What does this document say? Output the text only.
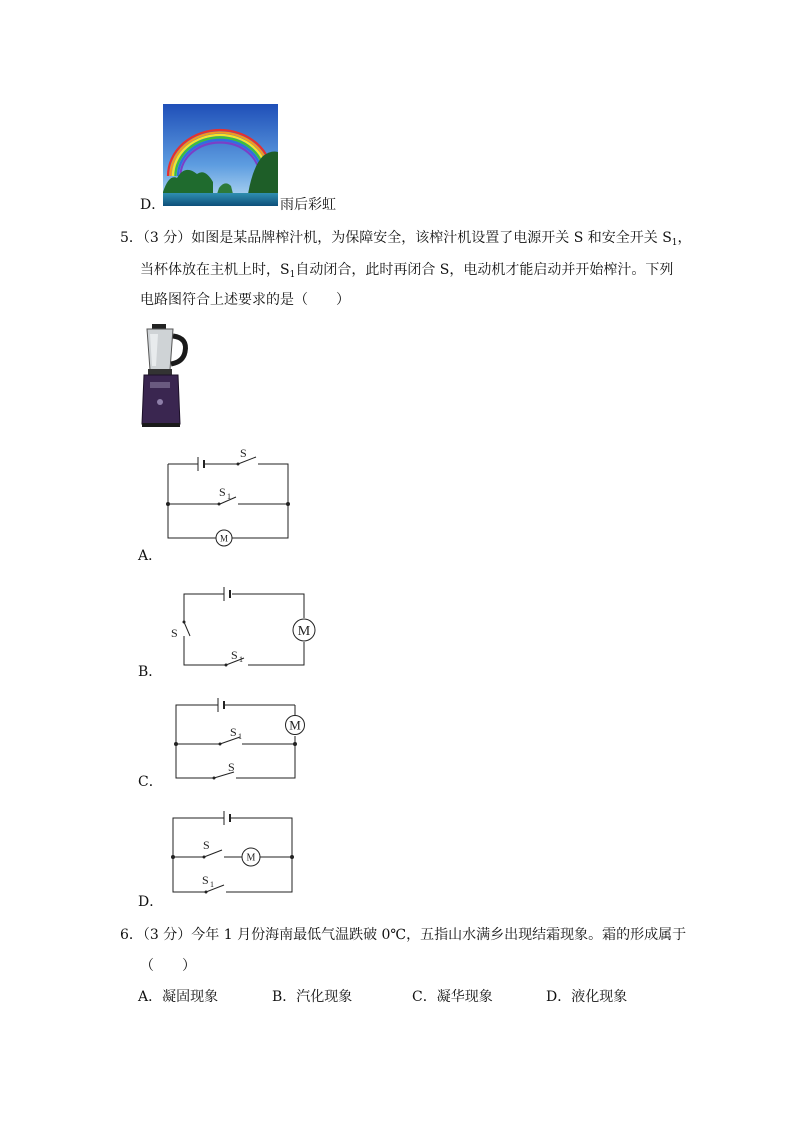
D．	雨后彩虹
5．（3 分）如图是某品牌榨汁机，为保障安全，该榨汁机设置了电源开关 S 和安全开关 $S_1$，
当杯体放在主机上时，$S_1$自动闭合，此时再闭合 S，电动机才能启动并开始榨汁。下列
电路图符合上述要求的是（　　）
M
S
S 1
A．
M
S
S 1
B．
M
S 1
S
C．
M
S
S 1
D．
6．（3 分）今年 1 月份海南最低气温跌破 0℃，五指山水满乡出现结霜现象。霜的形成属于
（　　）
A．凝固现象	B．汽化现象	C．凝华现象	D．液化现象
